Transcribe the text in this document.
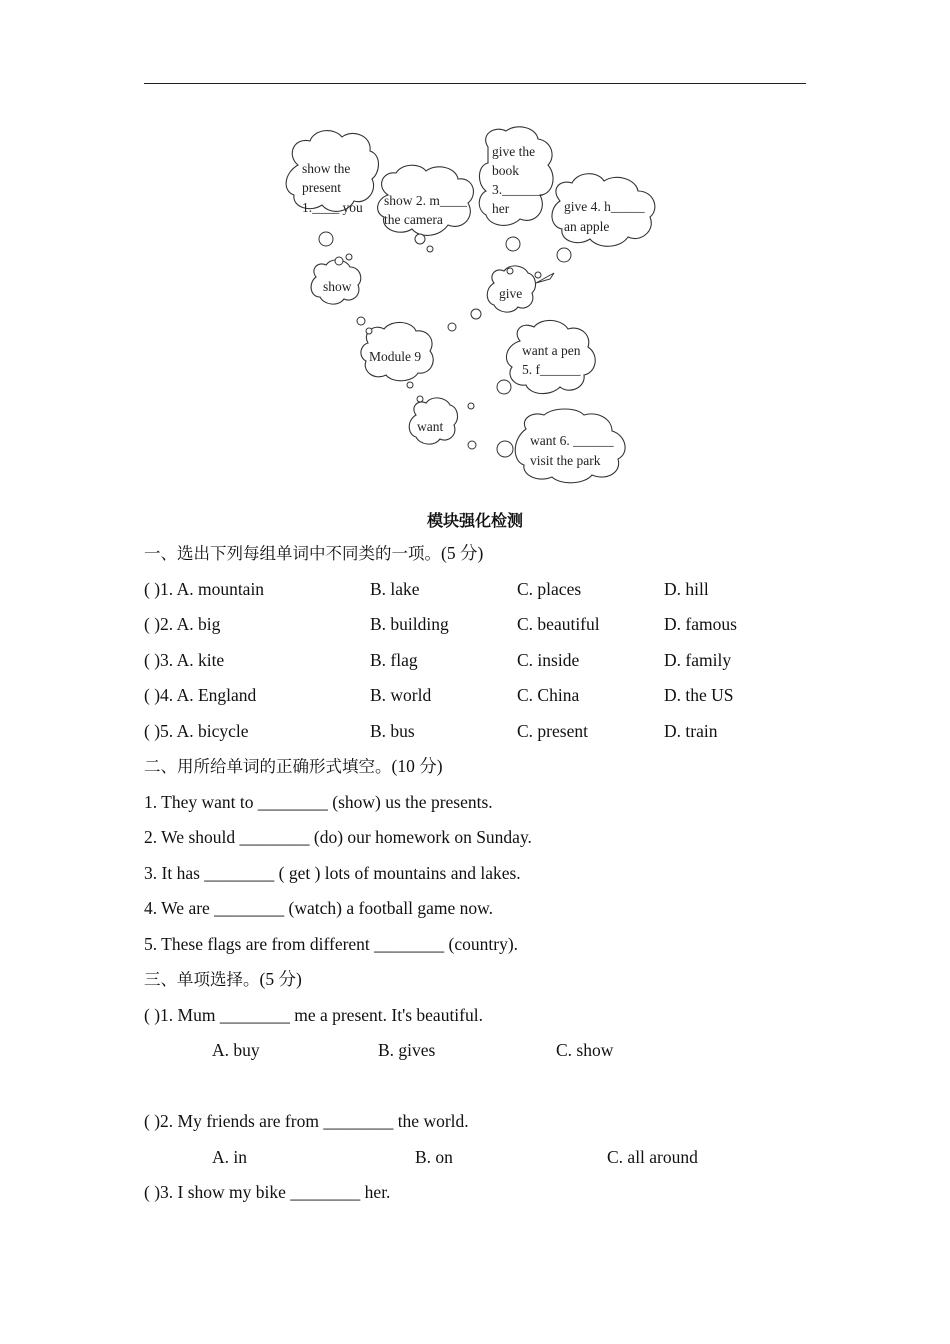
show the
present
1.____ you show 2. m____
the camera
give the
book
3.______
her	give 4. h_____
an apple
show	give
Module 9	want a pen
5. f______
want
want 6. ______
visit the park
模块强化检测
一、选出下列每组单词中不同类的一项。(5 分)
( )1. A. mountain	B. lake	C. places	D. hill
( )2. A. big	B. building	C. beautiful	D. famous
( )3. A. kite	B. flag	C. inside	D. family
( )4. A. England	B. world	C. China	D. the US
( )5. A. bicycle	B. bus	C. present	D. train
二、用所给单词的正确形式填空。(10 分)
1. They want to ________ (show) us the presents.
2. We should ________ (do) our homework on Sunday.
3. It has ________ ( get ) lots of mountains and lakes.
4. We are ________ (watch) a football game now.
5. These flags are from different ________ (country).
三、单项选择。(5 分)
( )1. Mum ________ me a present. It's beautiful.
A. buy	B. gives	C. show
( )2. My friends are from ________ the world.
A. in	B. on	C. all around
( )3. I show my bike ________ her.
